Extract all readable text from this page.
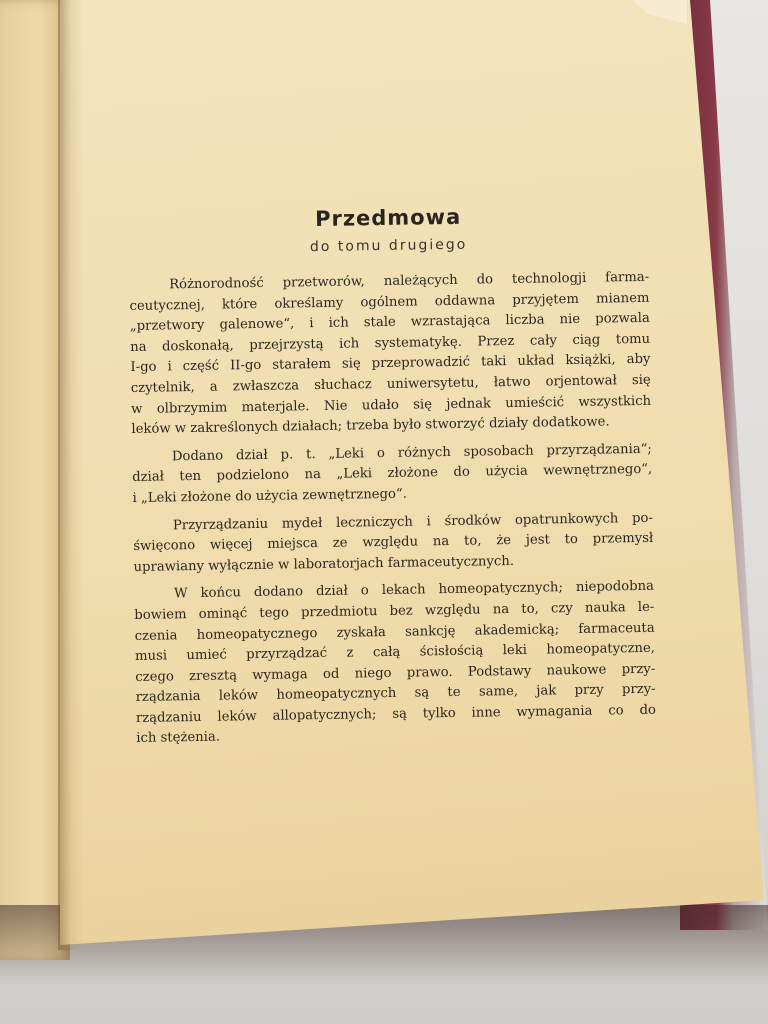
Przedmowa
do tomu drugiego
Różnorodność przetworów, należących do technologji farma-
ceutycznej, które określamy ogólnem oddawna przyjętem mianem
„przetwory galenowe“, i ich stale wzrastająca liczba nie pozwala
na doskonałą, przejrzystą ich systematykę. Przez cały ciąg tomu
I-go i część II-go starałem się przeprowadzić taki układ książki, aby
czytelnik, a zwłaszcza słuchacz uniwersytetu, łatwo orjentował się
w olbrzymim materjale. Nie udało się jednak umieścić wszystkich
leków w zakreślonych działach; trzeba było stworzyć działy dodatkowe.
Dodano dział p. t. „Leki o różnych sposobach przyrządzania“;
dział ten podzielono na „Leki złożone do użycia wewnętrznego“,
i „Leki złożone do użycia zewnętrznego“.
Przyrządzaniu mydeł leczniczych i środków opatrunkowych po-
święcono więcej miejsca ze względu na to, że jest to przemysł
uprawiany wyłącznie w laboratorjach farmaceutycznych.
W końcu dodano dział o lekach homeopatycznych; niepodobna
bowiem ominąć tego przedmiotu bez względu na to, czy nauka le-
czenia homeopatycznego zyskała sankcję akademicką; farmaceuta
musi umieć przyrządzać z całą ścisłością leki homeopatyczne,
czego zresztą wymaga od niego prawo. Podstawy naukowe przy-
rządzania leków homeopatycznych są te same, jak przy przy-
rządzaniu leków allopatycznych; są tylko inne wymagania co do
ich stężenia.
